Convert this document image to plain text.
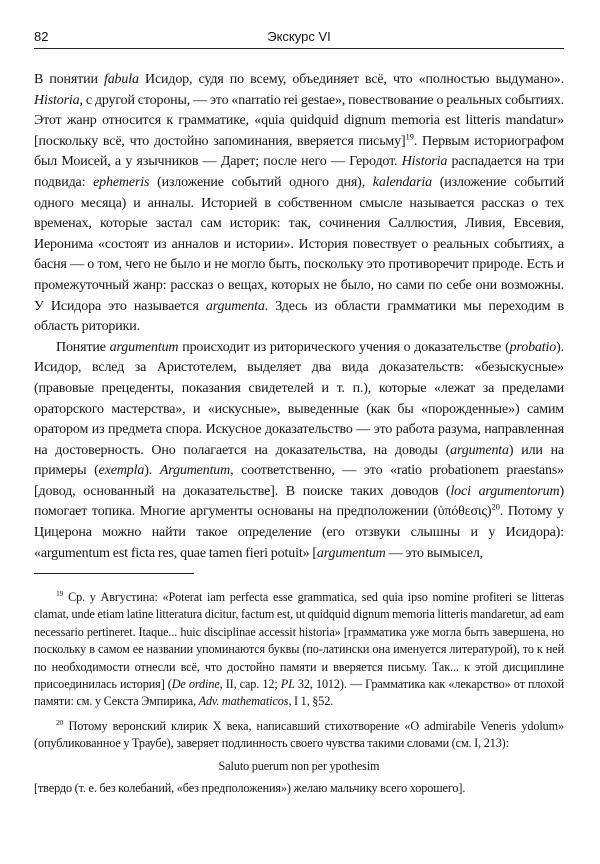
82	Экскурс VI

В понятии fabula Исидор, судя по всему, объединяет всё, что «полностью выдумано». Historia, с другой стороны, — это «narratio rei gestae», повествование о реальных событиях. Этот жанр относится к грамматике, «quia quidquid dignum memoria est litteris mandatur» [поскольку всё, что достойно запоминания, вверяется письму]$^{19}$. Первым историографом был Моисей, а у язычников — Дарет; после него — Геродот. Historia распадается на три подвида: ephemeris (изложение событий одного дня), kalendaria (изложение событий одного месяца) и анналы. Историей в собственном смысле называется рассказ о тех временах, которые застал сам историк: так, сочинения Саллюстия, Ливия, Евсевия, Иеронима «состоят из анналов и истории». История повествует о реальных событиях, а басня — о том, чего не было и не могло быть, поскольку это противоречит природе. Есть и промежуточный жанр: рассказ о вещах, которых не было, но сами по себе они возможны. У Исидора это называется argumenta. Здесь из области грамматики мы переходим в область риторики.

Понятие argumentum происходит из риторического учения о доказательстве (probatio). Исидор, вслед за Аристотелем, выделяет два вида доказательств: «безыскусные» (правовые прецеденты, показания свидетелей и т. п.), которые «лежат за пределами ораторского мастерства», и «искусные», выведенные (как бы «порожденные») самим оратором из предмета спора. Искусное доказательство — это работа разума, направленная на достоверность. Оно полагается на доказательства, на доводы (argumenta) или на примеры (exempla). Argumentum, соответственно, — это «ratio probationem praestans» [довод, основанный на доказательстве]. В поиске таких доводов (loci argumentorum) помогает топика. Многие аргументы основаны на предположении (ὑπόθεσις)$^{20}$. Потому у Цицерона можно найти такое определение (его отзвуки слышны и у Исидора): «argumentum est ficta res, quae tamen fieri potuit» [argumentum — это вымысел,

$^{19}$ Ср. у Августина: «Poterat iam perfecta esse grammatica, sed quia ipso nomine profiteri se litteras clamat, unde etiam latine litteratura dicitur, factum est, ut quidquid dignum memoria litteris mandaretur, ad eam necessario pertineret. Itaque... huic disciplinae accessit historia» [грамматика уже могла быть завершена, но поскольку в самом ее названии упоминаются буквы (по-латински она именуется литературой), то к ней по необходимости отнесли всё, что достойно памяти и вверяется письму. Так... к этой дисциплине присоединилась история] (De ordine, II, cap. 12; PL 32, 1012). — Грамматика как «лекарство» от плохой памяти: см. у Секста Эмпирика, Adv. mathematicos, I 1, §52.

$^{20}$ Потому веронский клирик X века, написавший стихотворение «O admirabile Veneris ydolum» (опубликованное у Траубе), заверяет подлинность своего чувства такими словами (см. I, 213):

Saluto puerum non per ypothesim

[твердо (т. е. без колебаний, «без предположения») желаю мальчику всего хорошего].
